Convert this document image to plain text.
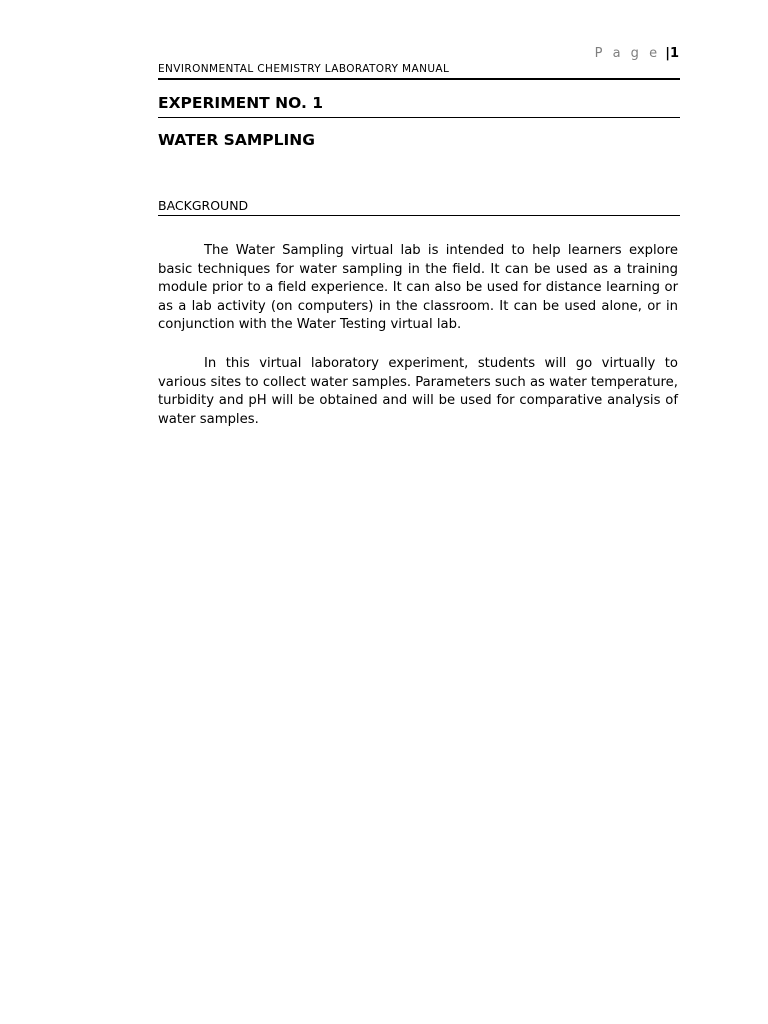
P a g e |1
ENVIRONMENTAL CHEMISTRY LABORATORY MANUAL
EXPERIMENT NO. 1
WATER SAMPLING
BACKGROUND

The Water Sampling virtual lab is intended to help learners explore basic techniques for water sampling in the field. It can be used as a training module prior to a field experience. It can also be used for distance learning or as a lab activity (on computers) in the classroom. It can be used alone, or in conjunction with the Water Testing virtual lab.

In this virtual laboratory experiment, students will go virtually to various sites to collect water samples. Parameters such as water temperature, turbidity and pH will be obtained and will be used for comparative analysis of water samples.
